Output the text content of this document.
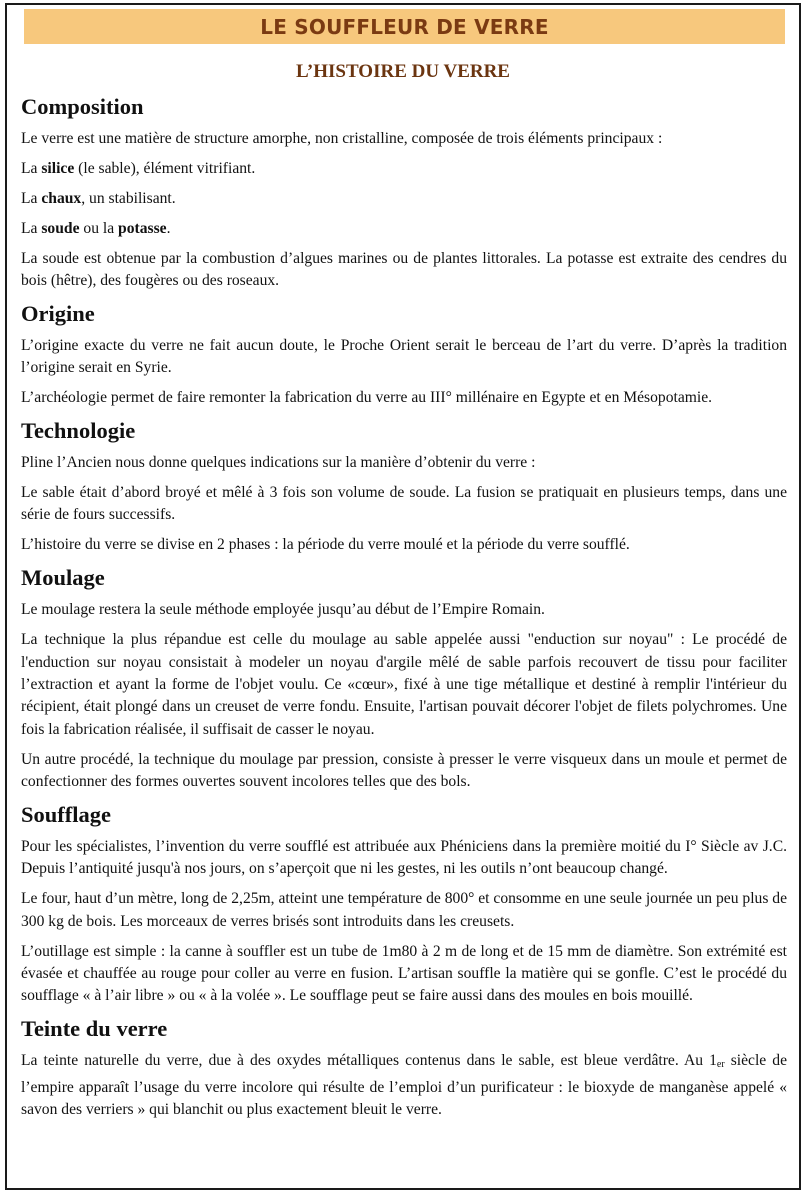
LE SOUFFLEUR DE VERRE
L’HISTOIRE DU VERRE
Composition

Le verre est une matière de structure amorphe, non cristalline, composée de trois éléments principaux :

La silice (le sable), élément vitrifiant.

La chaux, un stabilisant.

La soude ou la potasse.

La soude est obtenue par la combustion d’algues marines ou de plantes littorales. La potasse est extraite des cendres du bois (hêtre), des fougères ou des roseaux.

Origine

L’origine exacte du verre ne fait aucun doute, le Proche Orient serait le berceau de l’art du verre. D’après la tradition l’origine serait en Syrie.

L’archéologie permet de faire remonter la fabrication du verre au III° millénaire en Egypte et en Mésopotamie.

Technologie

Pline l’Ancien nous donne quelques indications sur la manière d’obtenir du verre :

Le sable était d’abord broyé et mêlé à 3 fois son volume de soude. La fusion se pratiquait en plusieurs temps, dans une série de fours successifs.

L’histoire du verre se divise en 2 phases : la période du verre moulé et la période du verre soufflé.

Moulage

Le moulage restera la seule méthode employée jusqu’au début de l’Empire Romain.

La technique la plus répandue est celle du moulage au sable appelée aussi "enduction sur noyau" : Le procédé de l'enduction sur noyau consistait à modeler un noyau d'argile mêlé de sable parfois recouvert de tissu pour faciliter l’extraction et ayant la forme de l'objet voulu. Ce «cœur», fixé à une tige métallique et destiné à remplir l'intérieur du récipient, était plongé dans un creuset de verre fondu. Ensuite, l'artisan pouvait décorer l'objet de filets polychromes. Une fois la fabrication réalisée, il suffisait de casser le noyau.

Un autre procédé, la technique du moulage par pression, consiste à presser le verre visqueux dans un moule et permet de confectionner des formes ouvertes souvent incolores telles que des bols.

Soufflage

Pour les spécialistes, l’invention du verre soufflé est attribuée aux Phéniciens dans la première moitié du I° Siècle av J.C. Depuis l’antiquité jusqu'à nos jours, on s’aperçoit que ni les gestes, ni les outils n’ont beaucoup changé.

Le four, haut d’un mètre, long de 2,25m, atteint une température de 800° et consomme en une seule journée un peu plus de 300 kg de bois. Les morceaux de verres brisés sont introduits dans les creusets.

L’outillage est simple : la canne à souffler est un tube de 1m80 à 2 m de long et de 15 mm de diamètre. Son extrémité est évasée et chauffée au rouge pour coller au verre en fusion. L’artisan souffle la matière qui se gonfle. C’est le procédé du soufflage « à l’air libre » ou « à la volée ». Le soufflage peut se faire aussi dans des moules en bois mouillé.

Teinte du verre

La teinte naturelle du verre, due à des oxydes métalliques contenus dans le sable, est bleue verdâtre. Au 1er siècle de l’empire apparaît l’usage du verre incolore qui résulte de l’emploi d’un purificateur : le bioxyde de manganèse appelé « savon des verriers » qui blanchit ou plus exactement bleuit le verre.
